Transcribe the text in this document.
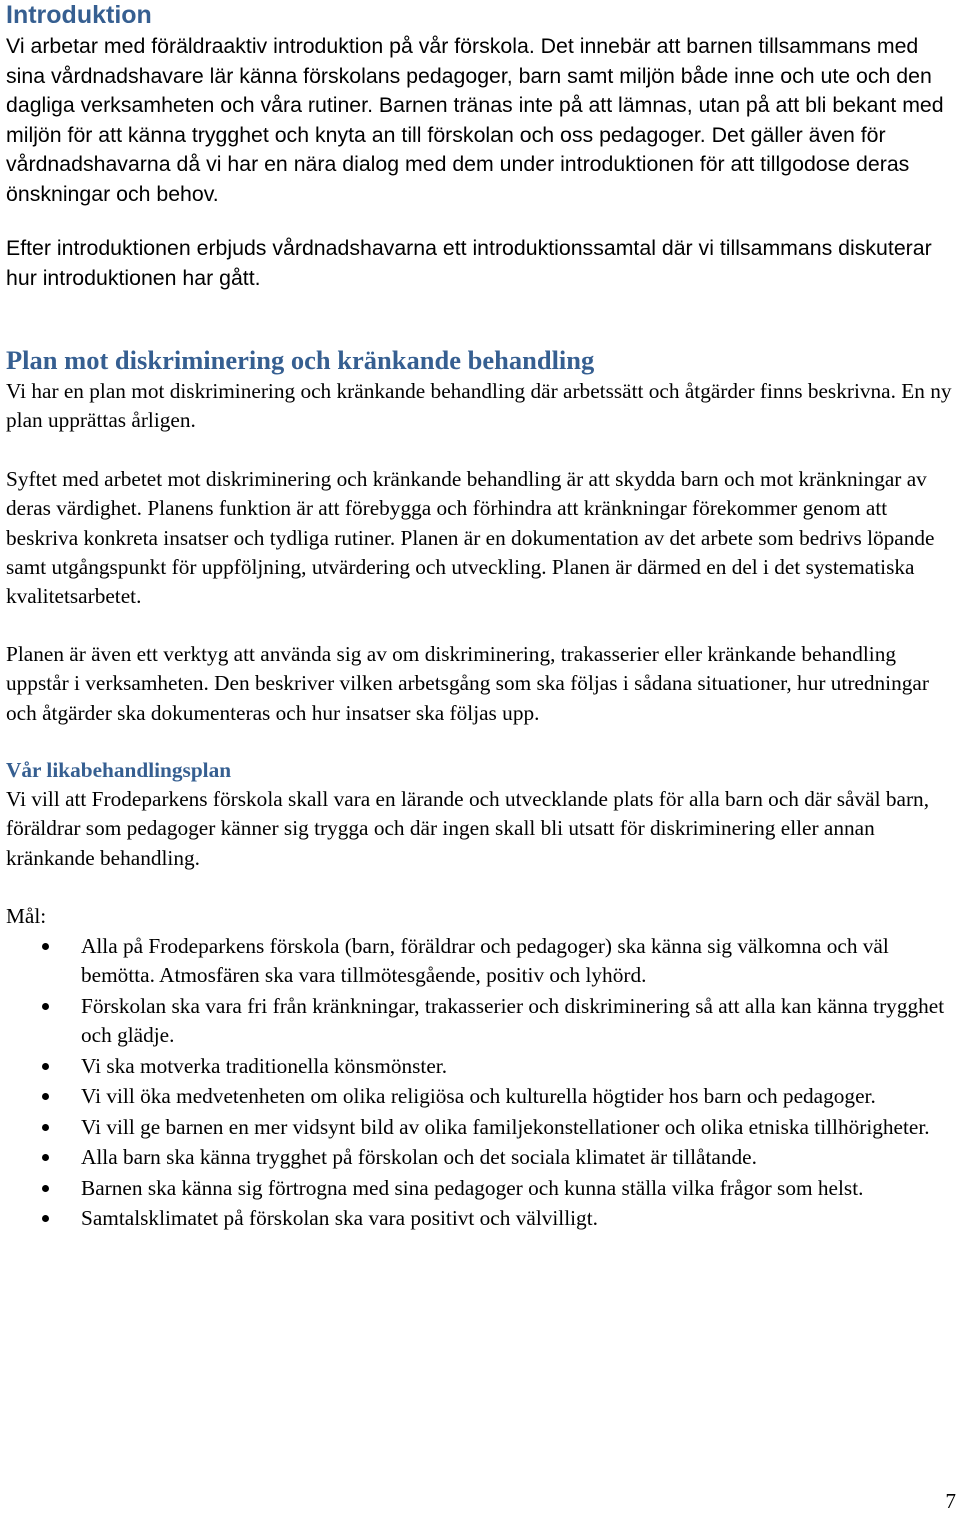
Introduktion

Vi arbetar med föräldraaktiv introduktion på vår förskola. Det innebär att barnen tillsammans med sina vårdnadshavare lär känna förskolans pedagoger, barn samt miljön både inne och ute och den dagliga verksamheten och våra rutiner. Barnen tränas inte på att lämnas, utan på att bli bekant med miljön för att känna trygghet och knyta an till förskolan och oss pedagoger. Det gäller även för vårdnadshavarna då vi har en nära dialog med dem under introduktionen för att tillgodose deras önskningar och behov.

Efter introduktionen erbjuds vårdnadshavarna ett introduktionssamtal där vi tillsammans diskuterar hur introduktionen har gått.

Plan mot diskriminering och kränkande behandling

Vi har en plan mot diskriminering och kränkande behandling där arbetssätt och åtgärder finns beskrivna. En ny plan upprättas årligen.

Syftet med arbetet mot diskriminering och kränkande behandling är att skydda barn och mot kränkningar av deras värdighet. Planens funktion är att förebygga och förhindra att kränkningar förekommer genom att beskriva konkreta insatser och tydliga rutiner. Planen är en dokumentation av det arbete som bedrivs löpande samt utgångspunkt för uppföljning, utvärdering och utveckling. Planen är därmed en del i det systematiska kvalitetsarbetet.

Planen är även ett verktyg att använda sig av om diskriminering, trakasserier eller kränkande behandling uppstår i verksamheten. Den beskriver vilken arbetsgång som ska följas i sådana situationer, hur utredningar och åtgärder ska dokumenteras och hur insatser ska följas upp.

Vår likabehandlingsplan

Vi vill att Frodeparkens förskola skall vara en lärande och utvecklande plats för alla barn och där såväl barn, föräldrar som pedagoger känner sig trygga och där ingen skall bli utsatt för diskriminering eller annan kränkande behandling.

Mål:

Alla på Frodeparkens förskola (barn, föräldrar och pedagoger) ska känna sig välkomna och väl bemötta. Atmosfären ska vara tillmötesgående, positiv och lyhörd.
Förskolan ska vara fri från kränkningar, trakasserier och diskriminering så att alla kan känna trygghet och glädje.
Vi ska motverka traditionella könsmönster.
Vi vill öka medvetenheten om olika religiösa och kulturella högtider hos barn och pedagoger.
Vi vill ge barnen en mer vidsynt bild av olika familjekonstellationer och olika etniska tillhörigheter.
Alla barn ska känna trygghet på förskolan och det sociala klimatet är tillåtande.
Barnen ska känna sig förtrogna med sina pedagoger och kunna ställa vilka frågor som helst.
Samtalsklimatet på förskolan ska vara positivt och välvilligt.
7
